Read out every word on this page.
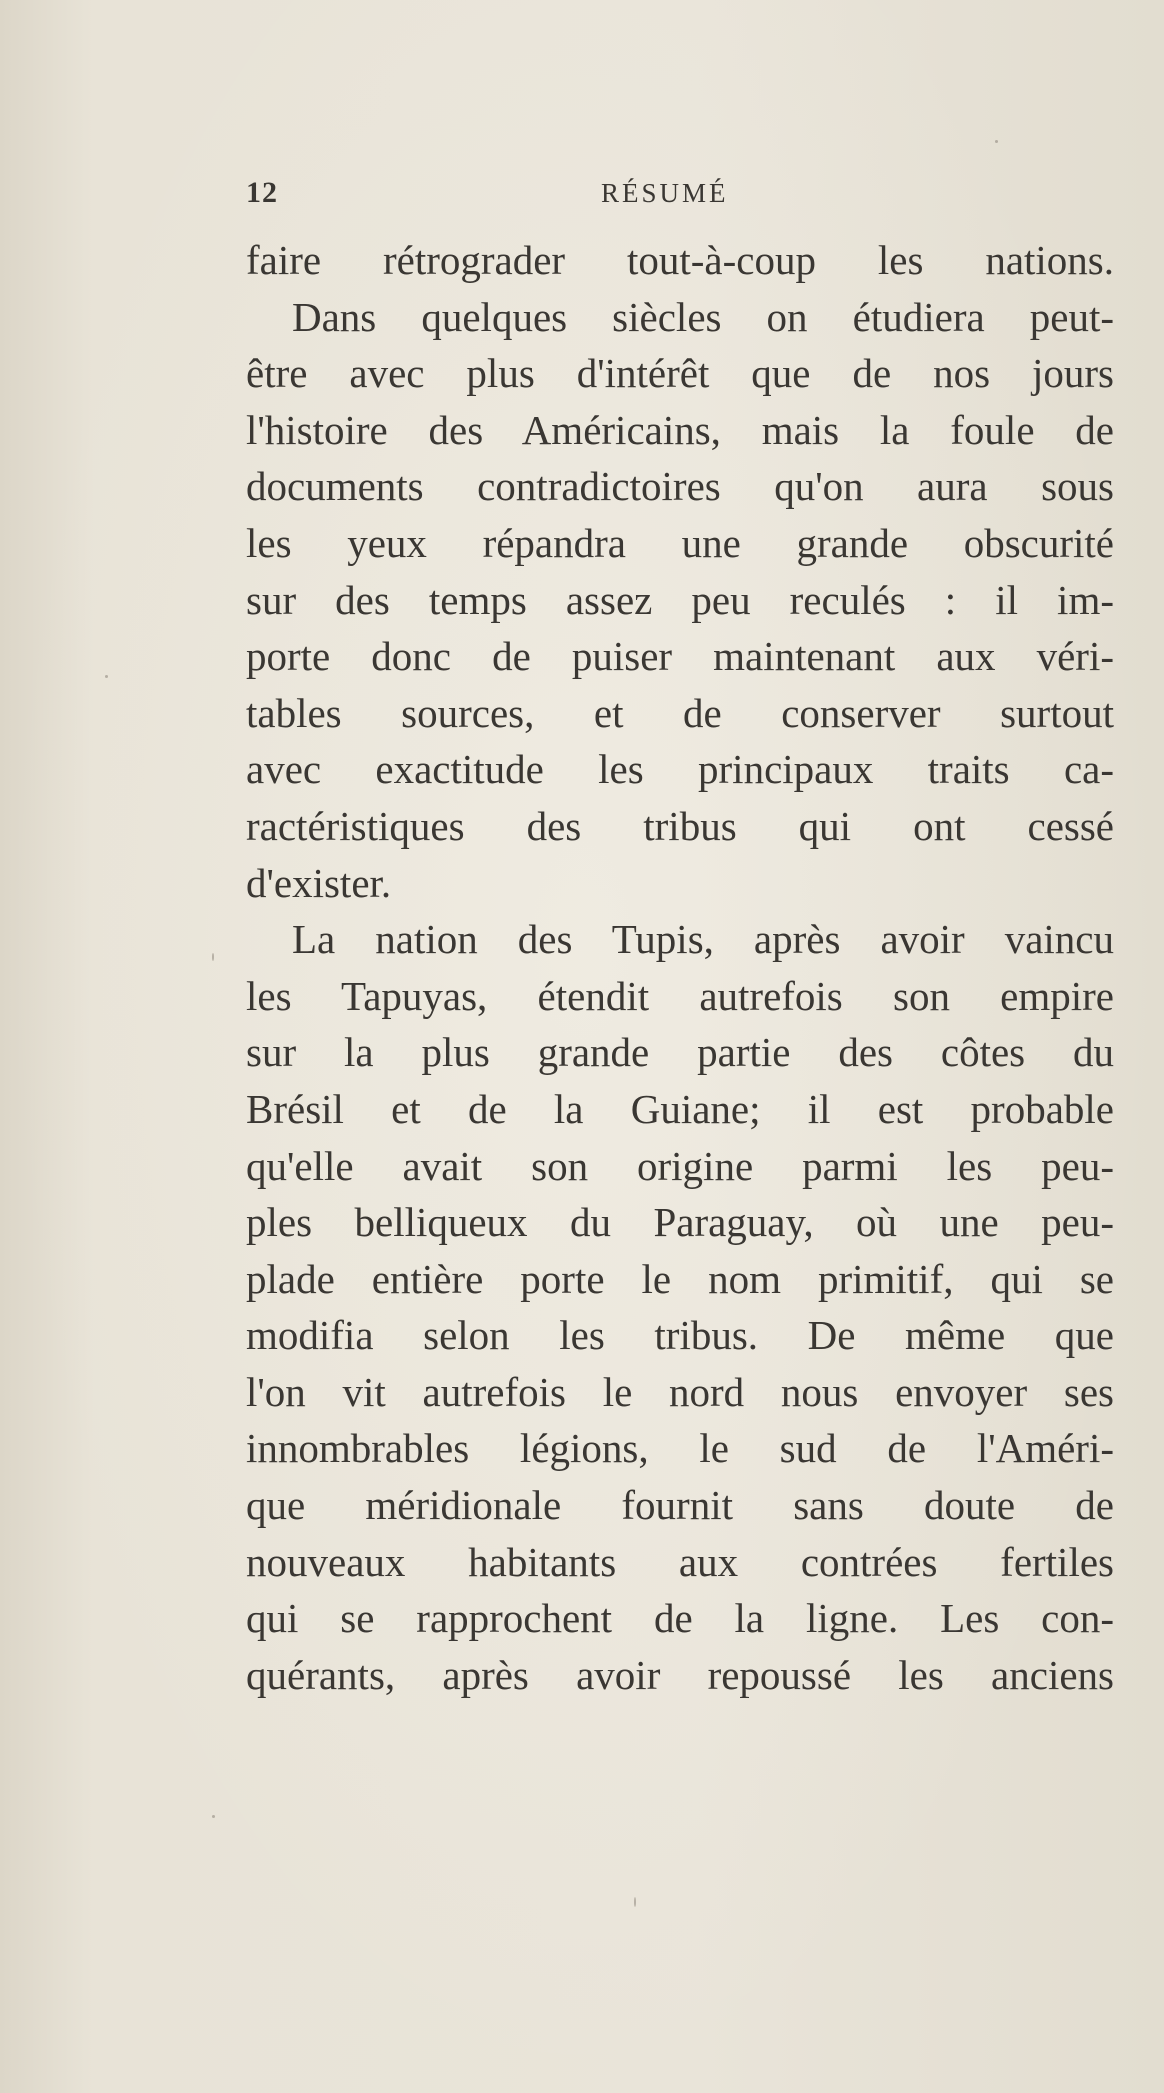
12	RÉSUMÉ
faire rétrograder tout-à-coup les nations.
Dans quelques siècles on étudiera peut-
être avec plus d'intérêt que de nos jours
l'histoire des Américains, mais la foule de
documents contradictoires qu'on aura sous
les yeux répandra une grande obscurité
sur des temps assez peu reculés : il im-
porte donc de puiser maintenant aux véri-
tables sources, et de conserver surtout
avec exactitude les principaux traits ca-
ractéristiques des tribus qui ont cessé
d'exister.
La nation des Tupis, après avoir vaincu
les Tapuyas, étendit autrefois son empire
sur la plus grande partie des côtes du
Brésil et de la Guiane; il est probable
qu'elle avait son origine parmi les peu-
ples belliqueux du Paraguay, où une peu-
plade entière porte le nom primitif, qui se
modifia selon les tribus. De même que
l'on vit autrefois le nord nous envoyer ses
innombrables légions, le sud de l'Améri-
que méridionale fournit sans doute de
nouveaux habitants aux contrées fertiles
qui se rapprochent de la ligne. Les con-
quérants, après avoir repoussé les anciens
